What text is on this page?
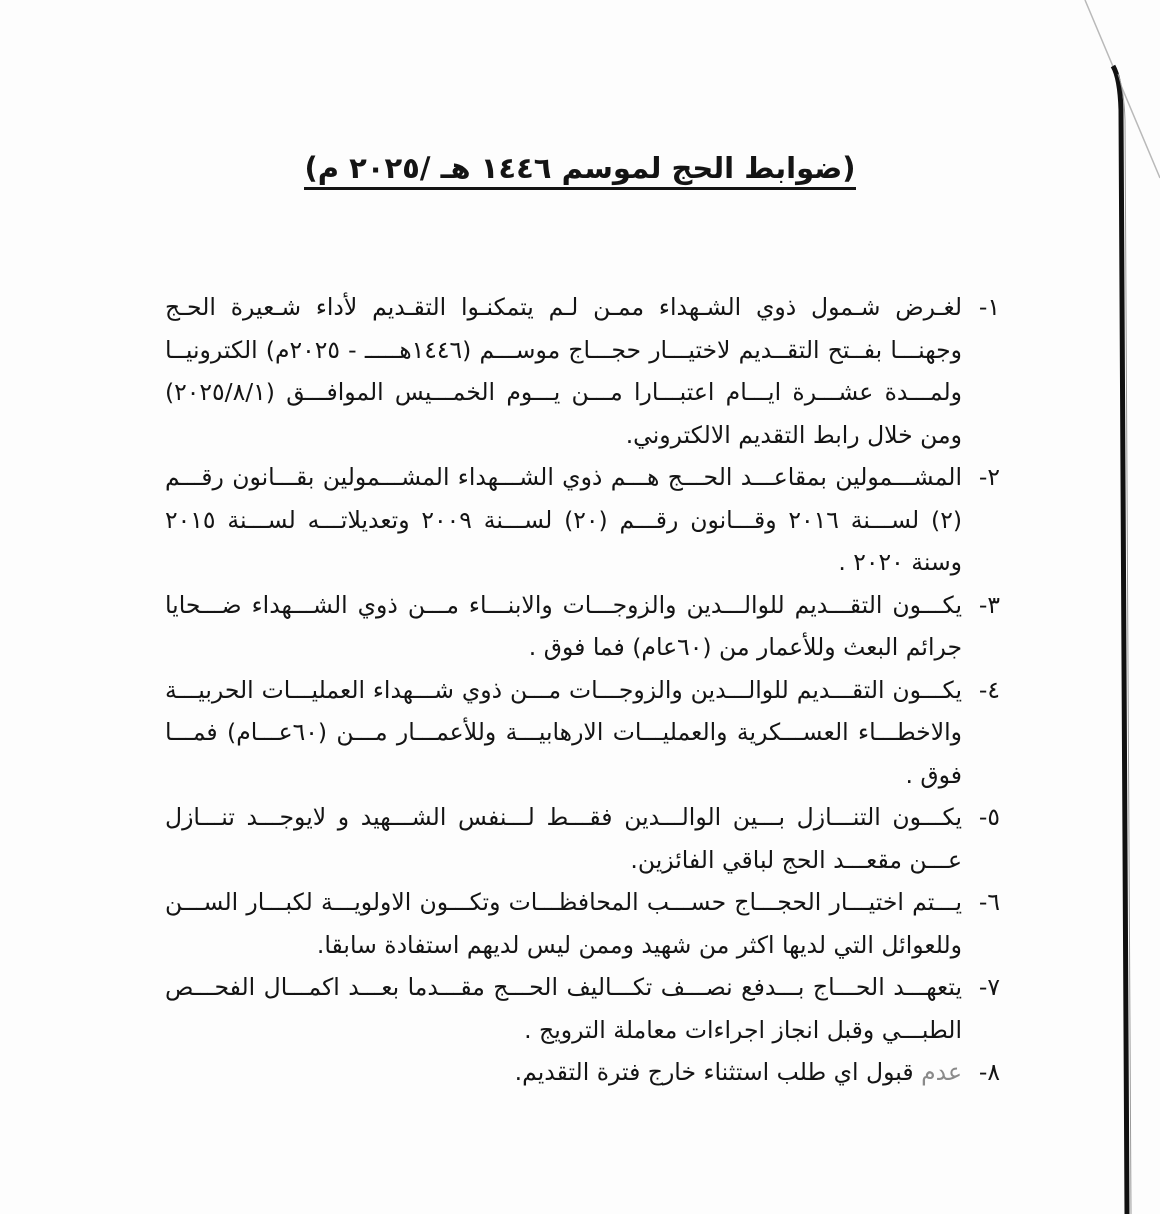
(ضوابط الحج لموسم ١٤٤٦ هـ /٢٠٢٥ م)
١-
لغـرض شـمول ذوي الشـهداء ممـن لـم يتمكنـوا التقـديم لأداء شـعيرة الحـج وجهنـــا بفــتح التقــديم لاختيـــار حجـــاج موســـم (١٤٤٦هـــــ - ٢٠٢٥م) الكترونيــا ولمـــدة عشـــرة ايـــام اعتبـــارا مـــن يـــوم الخمـــيس الموافـــق (٢٠٢٥/٨/١) ومن خلال رابط التقديم الالكتروني.
٢-
المشـــمولين بمقاعـــد الحـــج هـــم ذوي الشـــهداء المشـــمولين بقـــانون رقـــم (٢) لســـنة ٢٠١٦ وقـــانون رقـــم (٢٠) لســـنة ٢٠٠٩ وتعديلاتـــه لســـنة ٢٠١٥ وسنة ٢٠٢٠ .
٣-
يكـــون التقـــديم للوالـــدين والزوجـــات والابنـــاء مـــن ذوي الشـــهداء ضـــحايا جرائم البعث وللأعمار من (٦٠عام) فما فوق .
٤-
يكـــون التقـــديم للوالـــدين والزوجـــات مـــن ذوي شـــهداء العمليـــات الحربيـــة والاخطـــاء العســـكرية والعمليـــات الارهابيـــة وللأعمـــار مـــن (٦٠عـــام) فمـــا فوق .
٥-
يكـــون التنـــازل بـــين الوالـــدين فقـــط لـــنفس الشـــهيد و لايوجـــد تنـــازل عـــن مقعـــد الحج لباقي الفائزين.
٦-
يـــتم اختيـــار الحجـــاج حســـب المحافظـــات وتكـــون الاولويـــة لكبـــار الســـن وللعوائل التي لديها اكثر من شهيد وممن ليس لديهم استفادة سابقا.
٧-
يتعهـــد الحـــاج بـــدفع نصـــف تكـــاليف الحـــج مقـــدما بعـــد اكمـــال الفحـــص الطبـــي وقبل انجاز اجراءات معاملة الترويج .
٨-
عدم قبول اي طلب استثناء خارج فترة التقديم.
